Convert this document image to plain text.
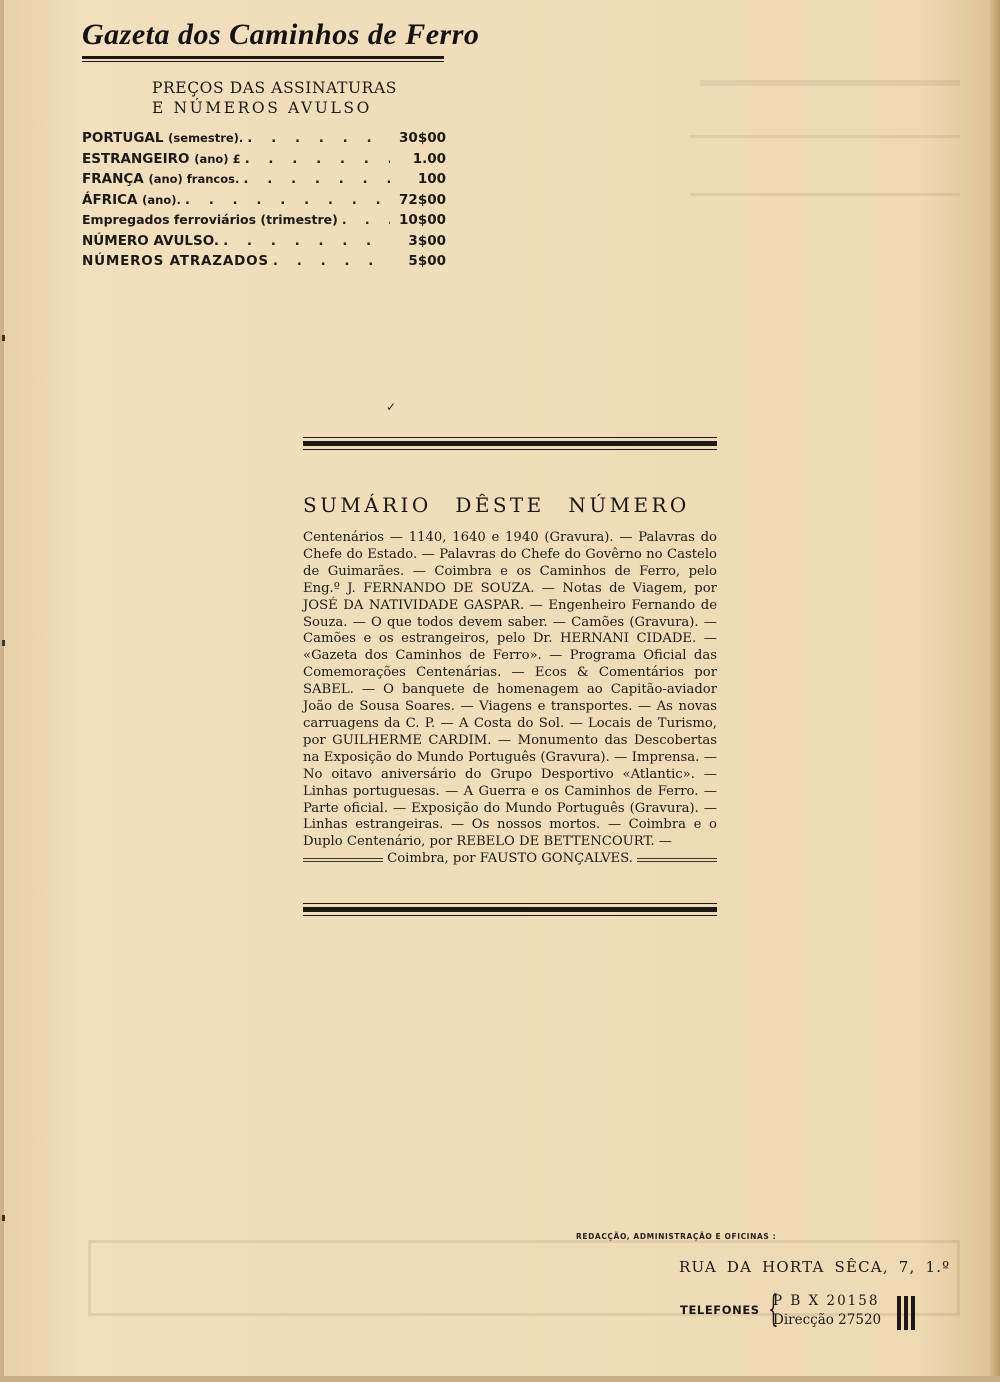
Gazeta dos Caminhos de Ferro
PREÇOS DAS ASSINATURAS
E NÚMEROS AVULSO
PORTUGAL (semestre). . . .	30$00
ESTRANGEIRO (ano) £ . . .	1.00
FRANÇA (ano) francos. . . .	100
ÁFRICA (ano). . . .	72$00
Empregados ferroviários (trimestre) . . .	10$00
NÚMERO AVULSO. . . .	3$00
NÚMEROS ATRAZADOS . . .	5$00
✓
SUMÁRIO DÊSTE NÚMERO
Centenários — 1140, 1640 e 1940 (Gravura). — Palavras do Chefe do Estado. — Palavras do Chefe do Govêrno no Castelo de Guimarães. — Coimbra e os Caminhos de Ferro, pelo Eng.º J. FERNANDO DE SOUZA. — Notas de Viagem, por JOSÉ DA NATIVIDADE GASPAR. — Engenheiro Fernando de Souza. — O que todos devem saber. — Camões (Gravura). — Camões e os estrangeiros, pelo Dr. HERNANI CIDADE. — «Gazeta dos Caminhos de Ferro». — Programa Oficial das Comemorações Centenárias. — Ecos & Comentários por SABEL. — O banquete de homenagem ao Capitão-aviador João de Sousa Soares. — Viagens e transportes. — As novas carruagens da C. P. — A Costa do Sol. — Locais de Turismo, por GUILHERME CARDIM. — Monumento das Descobertas na Exposição do Mundo Português (Gravura). — Imprensa. — No oitavo aniversário do Grupo Desportivo «Atlantic». — Linhas portuguesas. — A Guerra e os Caminhos de Ferro. — Parte oficial. — Exposição do Mundo Português (Gravura). — Linhas estrangeiras. — Os nossos mortos. — Coimbra e o Duplo Centenário, por REBELO DE BETTENCOURT. —
Coimbra, por FAUSTO GONÇALVES.
REDACÇÃO, ADMINISTRAÇÃO E OFICINAS :
RUA DA HORTA SÊCA, 7, 1.º
TELEFONES {
P B X 20158
Direcção 27520
